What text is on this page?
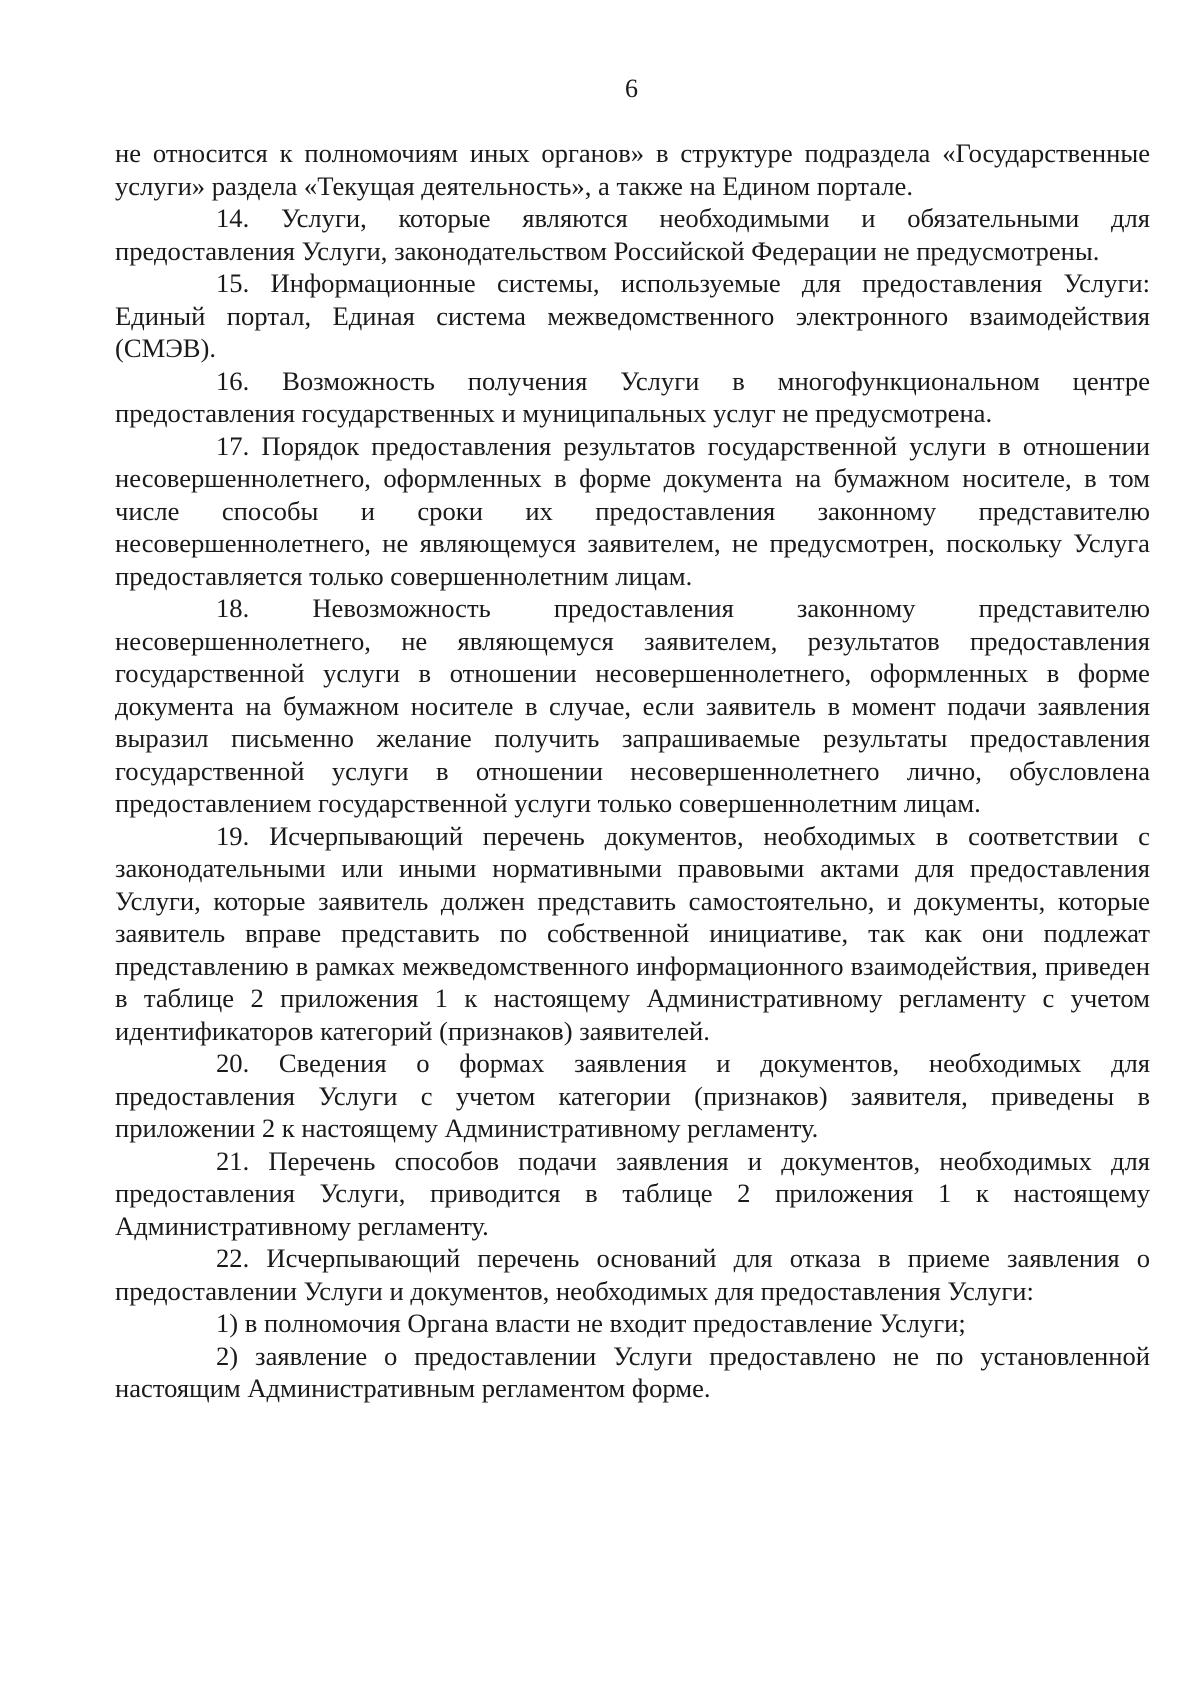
6

не относится к полномочиям иных органов» в структуре подраздела «Государственные услуги» раздела «Текущая деятельность», а также на Едином портале.

14. Услуги, которые являются необходимыми и обязательными для предоставления Услуги, законодательством Российской Федерации не предусмотрены.

15. Информационные системы, используемые для предоставления Услуги: Единый портал, Единая система межведомственного электронного взаимодействия (СМЭВ).

16. Возможность получения Услуги в многофункциональном центре предоставления государственных и муниципальных услуг не предусмотрена.

17. Порядок предоставления результатов государственной услуги в отношении несовершеннолетнего, оформленных в форме документа на бумажном носителе, в том числе способы и сроки их предоставления законному представителю несовершеннолетнего, не являющемуся заявителем, не предусмотрен, поскольку Услуга предоставляется только совершеннолетним лицам.

18. Невозможность предоставления законному представителю несовершеннолетнего, не являющемуся заявителем, результатов предоставления государственной услуги в отношении несовершеннолетнего, оформленных в форме документа на бумажном носителе в случае, если заявитель в момент подачи заявления выразил письменно желание получить запрашиваемые результаты предоставления государственной услуги в отношении несовершеннолетнего лично, обусловлена предоставлением государственной услуги только совершеннолетним лицам.

19. Исчерпывающий перечень документов, необходимых в соответствии с законодательными или иными нормативными правовыми актами для предоставления Услуги, которые заявитель должен представить самостоятельно, и документы, которые заявитель вправе представить по собственной инициативе, так как они подлежат представлению в рамках межведомственного информационного взаимодействия, приведен в таблице 2 приложения 1 к настоящему Административному регламенту с учетом идентификаторов категорий (признаков) заявителей.

20. Сведения о формах заявления и документов, необходимых для предоставления Услуги с учетом категории (признаков) заявителя, приведены в приложении 2 к настоящему Административному регламенту.

21. Перечень способов подачи заявления и документов, необходимых для предоставления Услуги, приводится в таблице 2 приложения 1 к настоящему Административному регламенту.

22. Исчерпывающий перечень оснований для отказа в приеме заявления о предоставлении Услуги и документов, необходимых для предоставления Услуги:

1) в полномочия Органа власти не входит предоставление Услуги;

2) заявление о предоставлении Услуги предоставлено не по установленной настоящим Административным регламентом форме.
